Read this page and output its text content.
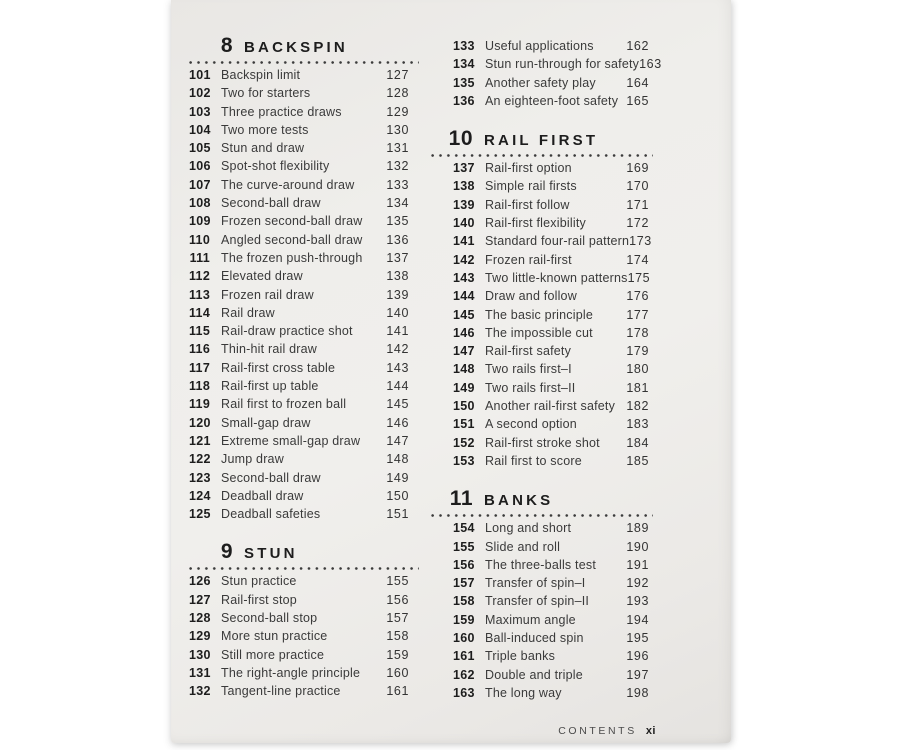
8 BACKSPIN
101 Backspin limit	127
102 Two for starters	128
103 Three practice draws	129
104 Two more tests	130
105 Stun and draw	131
106 Spot-shot flexibility	132
107 The curve-around draw	133
108 Second-ball draw	134
109 Frozen second-ball draw	135
110 Angled second-ball draw	136
111 The frozen push-through	137
112 Elevated draw	138
113 Frozen rail draw	139
114 Rail draw	140
115 Rail-draw practice shot	141
116 Thin-hit rail draw	142
117 Rail-first cross table	143
118 Rail-first up table	144
119 Rail first to frozen ball	145
120 Small-gap draw	146
121 Extreme small-gap draw	147
122 Jump draw	148
123 Second-ball draw	149
124 Deadball draw	150
125 Deadball safeties	151
9 STUN
126 Stun practice	155
127 Rail-first stop	156
128 Second-ball stop	157
129 More stun practice	158
130 Still more practice	159
131 The right-angle principle	160
132 Tangent-line practice	161
133 Useful applications	162
134 Stun run-through for safety 163
135 Another safety play	164
136 An eighteen-foot safety 165
10 RAIL FIRST
137 Rail-first option	169
138 Simple rail firsts	170
139 Rail-first follow	171
140 Rail-first flexibility	172
141 Standard four-rail pattern 173
142 Frozen rail-first	174
143 Two little-known patterns 175
144 Draw and follow	176
145 The basic principle	177
146 The impossible cut	178
147 Rail-first safety	179
148 Two rails first–I	180
149 Two rails first–II	181
150 Another rail-first safety 182
151 A second option	183
152 Rail-first stroke shot	184
153 Rail first to score	185
11 BANKS
154 Long and short	189
155 Slide and roll	190
156 The three-balls test	191
157 Transfer of spin–I	192
158 Transfer of spin–II	193
159 Maximum angle	194
160 Ball-induced spin	195
161 Triple banks	196
162 Double and triple	197
163 The long way	198
CONTENTS xi
